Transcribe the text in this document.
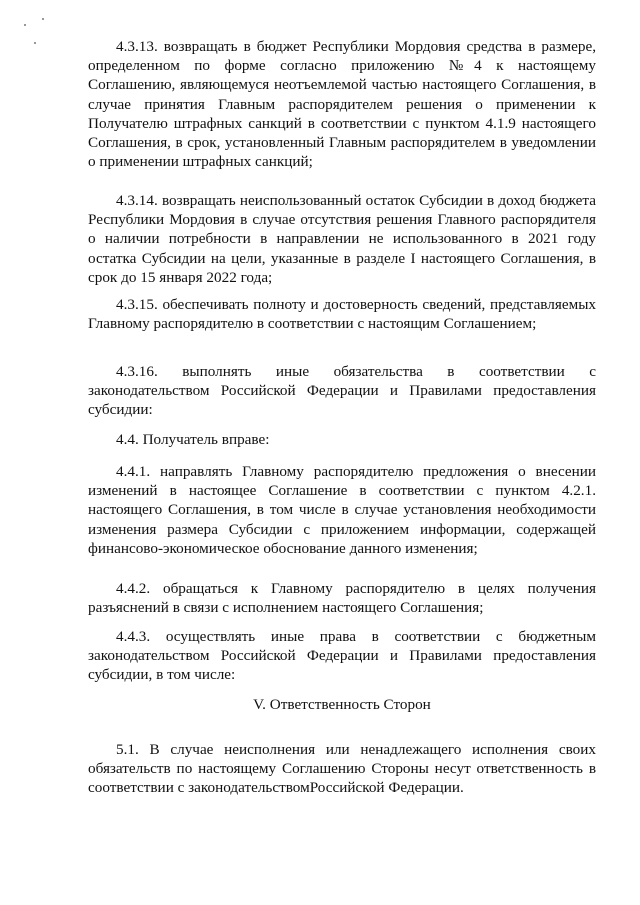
4.3.13. возвращать в бюджет Республики Мордовия средства в размере, определенном по форме согласно приложению №4 к настоящему Соглашению, являющемуся неотъемлемой частью настоящего Соглашения, в случае принятия Главным распорядителем решения о применении к Получателю штрафных санкций в соответствии с пунктом 4.1.9 настоящего Соглашения, в срок, установленный Главным распорядителем в уведомлении о применении штрафных санкций;

4.3.14. возвращать неиспользованный остаток Субсидии в доход бюджета Республики Мордовия в случае отсутствия решения Главного распорядителя о наличии потребности в направлении не использованного в 2021 году остатка Субсидии на цели, указанные в разделе I настоящего Соглашения, в срок до 15 января 2022 года;

4.3.15. обеспечивать полноту и достоверность сведений, представляемых Главному распорядителю в соответствии с настоящим Соглашением;

4.3.16. выполнять иные обязательства в соответствии с законодательством Российской Федерации и Правилами предоставления субсидии:

4.4. Получатель вправе:

4.4.1. направлять Главному распорядителю предложения о внесении изменений в настоящее Соглашение в соответствии с пунктом 4.2.1. настоящего Соглашения, в том числе в случае установления необходимости изменения размера Субсидии с приложением информации, содержащей финансово-экономическое обоснование данного изменения;

4.4.2. обращаться к Главному распорядителю в целях получения разъяснений в связи с исполнением настоящего Соглашения;

4.4.3. осуществлять иные права в соответствии с бюджетным законодательством Российской Федерации и Правилами предоставления субсидии, в том числе:

V. Ответственность Сторон

5.1. В случае неисполнения или ненадлежащего исполнения своих обязательств по настоящему Соглашению Стороны несут ответственность в соответствии с законодательствомРоссийской Федерации.
